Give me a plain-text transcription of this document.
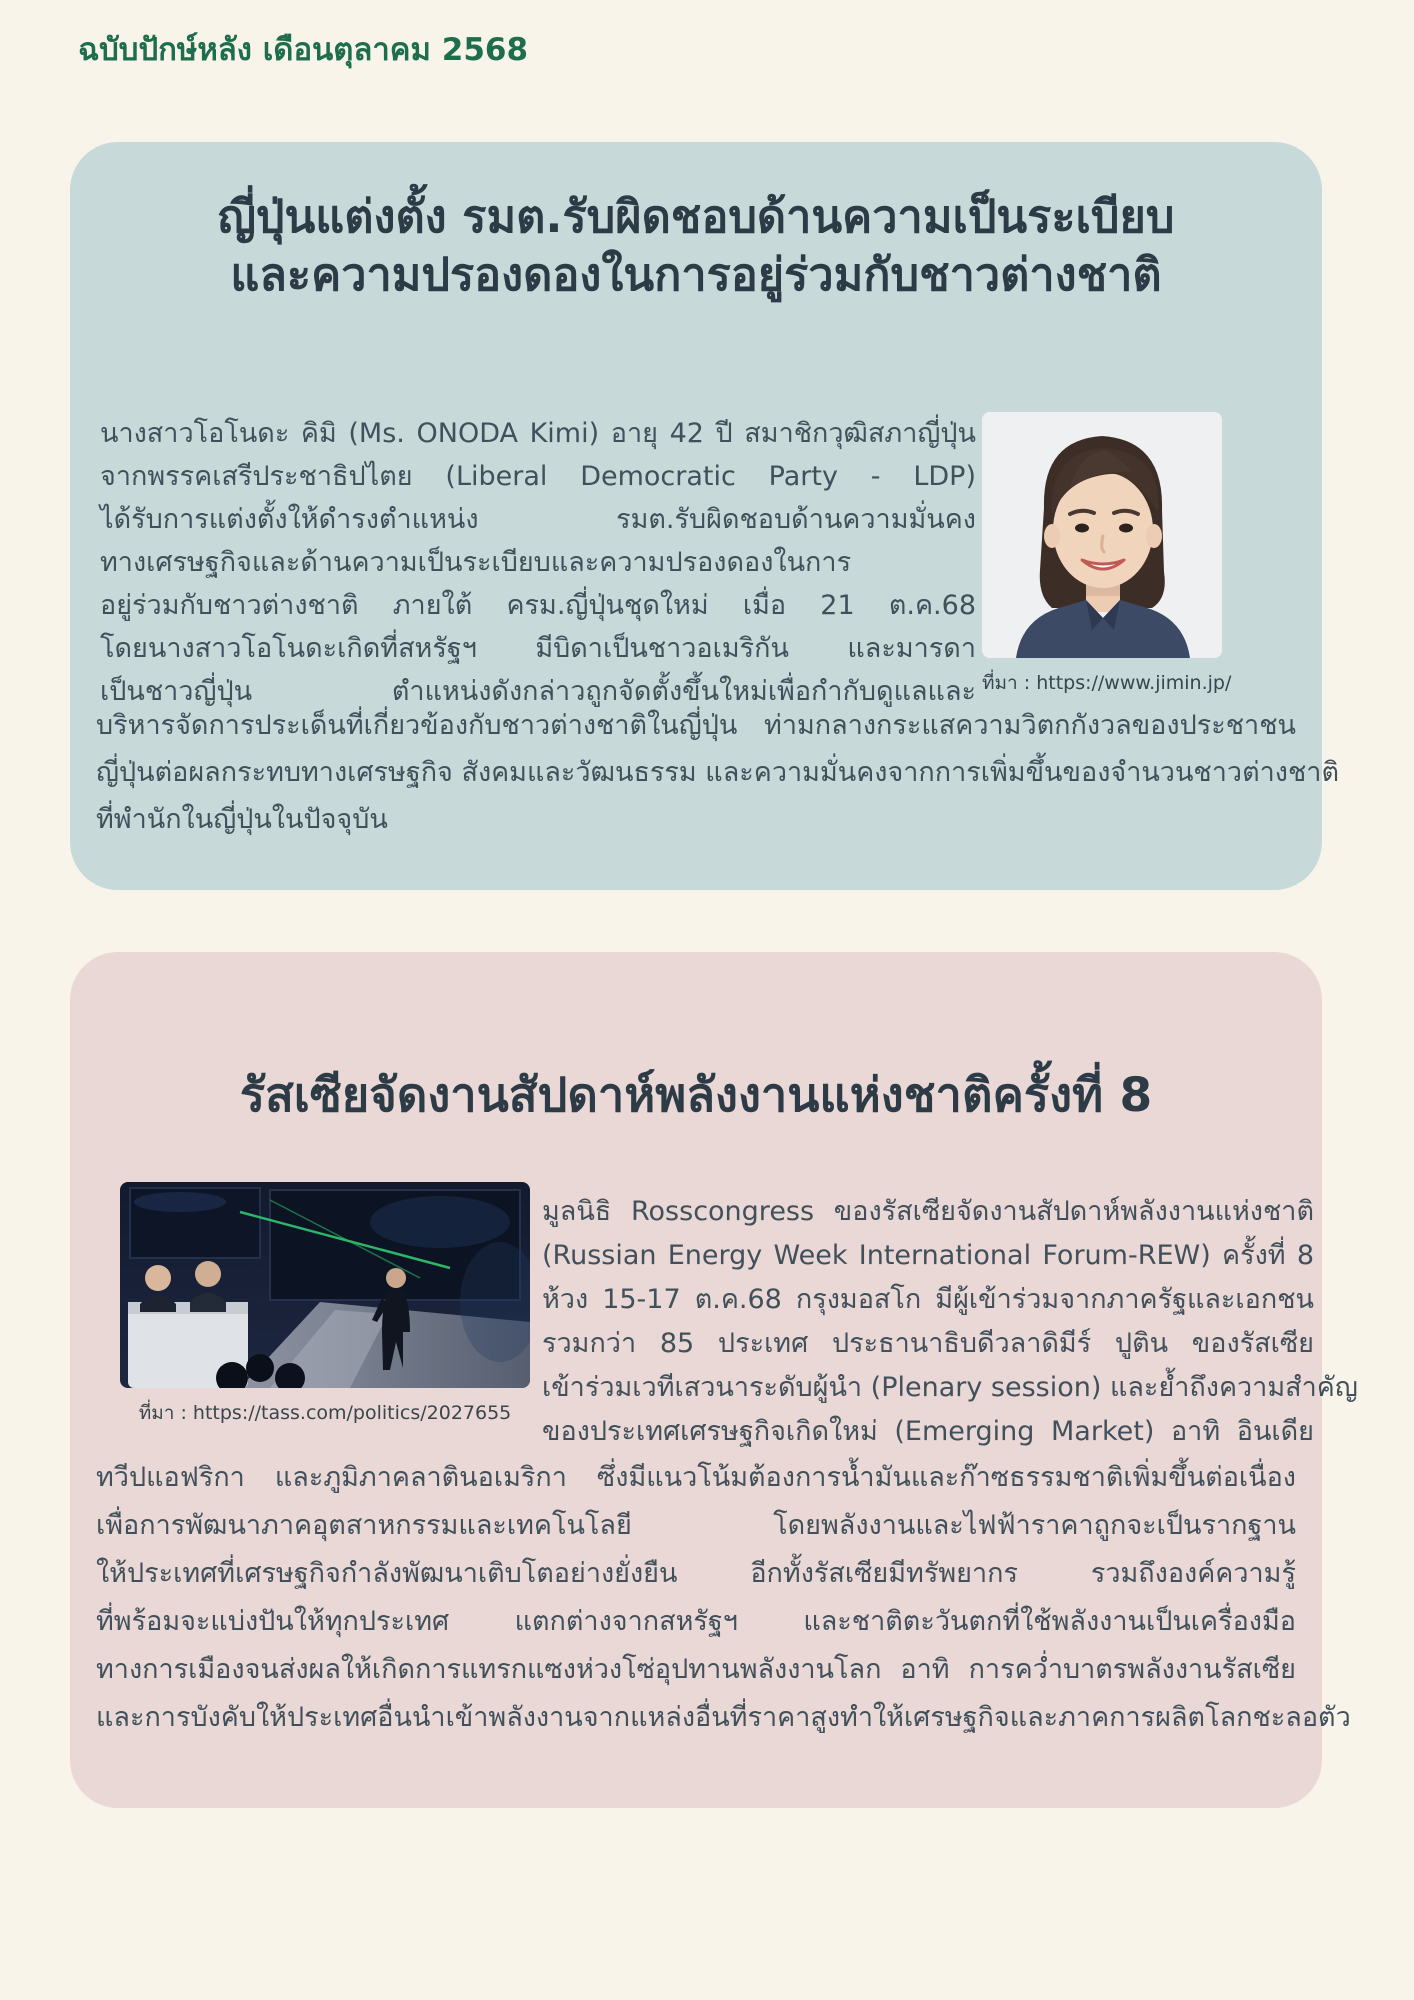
ฉบับปักษ์หลัง เดือนตุลาคม 2568
ญี่ปุ่นแต่งตั้ง รมต.รับผิดชอบด้านความเป็นระเบียบ
และความปรองดองในการอยู่ร่วมกับชาวต่างชาติ
นางสาวโอโนดะ คิมิ (Ms. ONODA Kimi) อายุ 42 ปี สมาชิกวุฒิสภาญี่ปุ่น
จากพรรคเสรีประชาธิปไตย (Liberal Democratic Party - LDP)
ได้รับการแต่งตั้งให้ดำรงตำแหน่ง รมต.รับผิดชอบด้านความมั่นคง
ทางเศรษฐกิจและด้านความเป็นระเบียบและความปรองดองในการ
อยู่ร่วมกับชาวต่างชาติ ภายใต้ ครม.ญี่ปุ่นชุดใหม่ เมื่อ 21 ต.ค.68
โดยนางสาวโอโนดะเกิดที่สหรัฐฯ มีบิดาเป็นชาวอเมริกัน และมารดา
เป็นชาวญี่ปุ่น ตำแหน่งดังกล่าวถูกจัดตั้งขึ้นใหม่เพื่อกำกับดูแลและ ที่มา : https://www.jimin.jp/
บริหารจัดการประเด็นที่เกี่ยวข้องกับชาวต่างชาติในญี่ปุ่น ท่ามกลางกระแสความวิตกกังวลของประชาชน
ญี่ปุ่นต่อผลกระทบทางเศรษฐกิจ สังคมและวัฒนธรรม และความมั่นคงจากการเพิ่มขึ้นของจำนวนชาวต่างชาติ
ที่พำนักในญี่ปุ่นในปัจจุบัน
รัสเซียจัดงานสัปดาห์พลังงานแห่งชาติครั้งที่ 8
ที่มา : https://tass.com/politics/2027655
มูลนิธิ Rosscongress ของรัสเซียจัดงานสัปดาห์พลังงานแห่งชาติ
(Russian Energy Week International Forum-REW) ครั้งที่ 8
ห้วง 15-17 ต.ค.68 กรุงมอสโก มีผู้เข้าร่วมจากภาครัฐและเอกชน
รวมกว่า 85 ประเทศ ประธานาธิบดีวลาดิมีร์ ปูติน ของรัสเซีย
เข้าร่วมเวทีเสวนาระดับผู้นำ (Plenary session) และย้ำถึงความสำคัญ
ของประเทศเศรษฐกิจเกิดใหม่ (Emerging Market) อาทิ อินเดีย
ทวีปแอฟริกา และภูมิภาคลาตินอเมริกา ซึ่งมีแนวโน้มต้องการน้ำมันและก๊าซธรรมชาติเพิ่มขึ้นต่อเนื่อง
เพื่อการพัฒนาภาคอุตสาหกรรมและเทคโนโลยี โดยพลังงานและไฟฟ้าราคาถูกจะเป็นรากฐาน
ให้ประเทศที่เศรษฐกิจกำลังพัฒนาเติบโตอย่างยั่งยืน อีกทั้งรัสเซียมีทรัพยากร รวมถึงองค์ความรู้
ที่พร้อมจะแบ่งปันให้ทุกประเทศ แตกต่างจากสหรัฐฯ และชาติตะวันตกที่ใช้พลังงานเป็นเครื่องมือ
ทางการเมืองจนส่งผลให้เกิดการแทรกแซงห่วงโซ่อุปทานพลังงานโลก อาทิ การคว่ำบาตรพลังงานรัสเซีย
และการบังคับให้ประเทศอื่นนำเข้าพลังงานจากแหล่งอื่นที่ราคาสูงทำให้เศรษฐกิจและภาคการผลิตโลกชะลอตัว
